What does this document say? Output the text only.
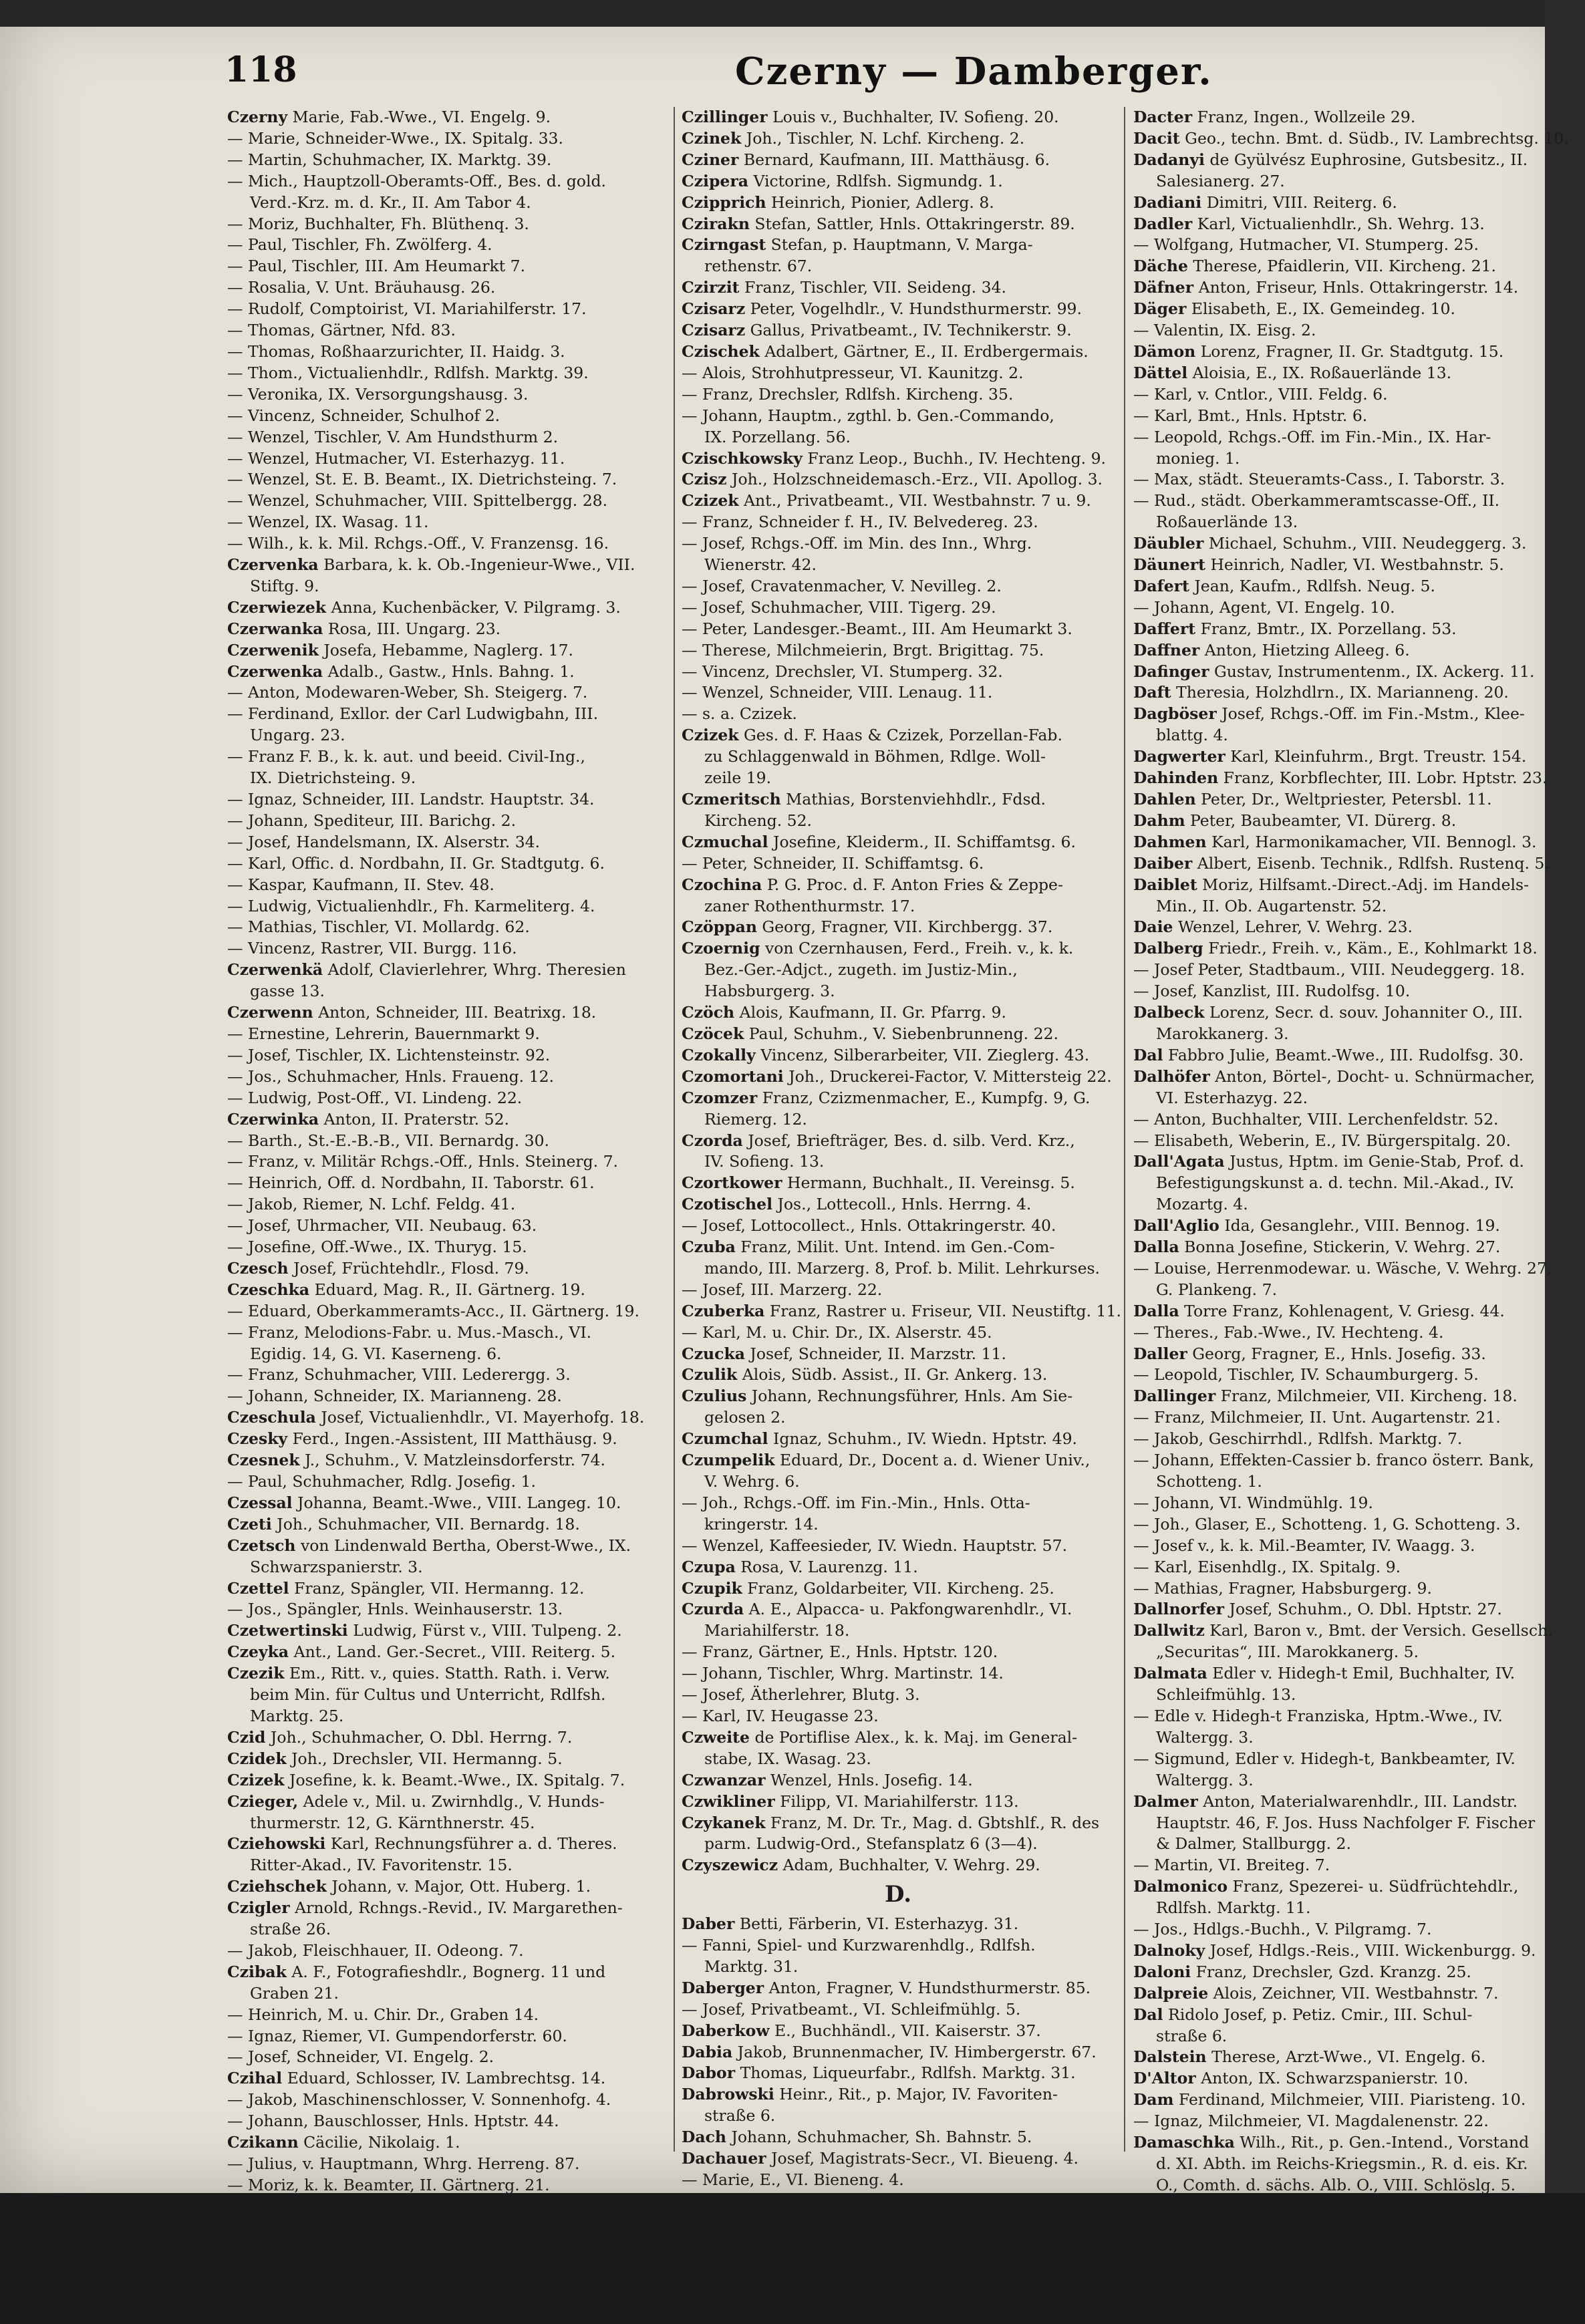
118	Czerny — Damberger.
Czerny Marie, Fab.-Wwe., VI. Engelg. 9.
— Marie, Schneider-Wwe., IX. Spitalg. 33.
— Martin, Schuhmacher, IX. Marktg. 39.
— Mich., Hauptzoll-Oberamts-Off., Bes. d. gold.
Verd.-Krz. m. d. Kr., II. Am Tabor 4.
— Moriz, Buchhalter, Fh. Blüthenq. 3.
— Paul, Tischler, Fh. Zwölferg. 4.
— Paul, Tischler, III. Am Heumarkt 7.
— Rosalia, V. Unt. Bräuhausg. 26.
— Rudolf, Comptoirist, VI. Mariahilferstr. 17.
— Thomas, Gärtner, Nfd. 83.
— Thomas, Roßhaarzurichter, II. Haidg. 3.
— Thom., Victualienhdlr., Rdlfsh. Marktg. 39.
— Veronika, IX. Versorgungshausg. 3.
— Vincenz, Schneider, Schulhof 2.
— Wenzel, Tischler, V. Am Hundsthurm 2.
— Wenzel, Hutmacher, VI. Esterhazyg. 11.
— Wenzel, St. E. B. Beamt., IX. Dietrichsteing. 7.
— Wenzel, Schuhmacher, VIII. Spittelbergg. 28.
— Wenzel, IX. Wasag. 11.
— Wilh., k. k. Mil. Rchgs.-Off., V. Franzensg. 16.
Czervenka Barbara, k. k. Ob.-Ingenieur-Wwe., VII.
Stiftg. 9.
Czerwiezek Anna, Kuchenbäcker, V. Pilgramg. 3.
Czerwanka Rosa, III. Ungarg. 23.
Czerwenik Josefa, Hebamme, Naglerg. 17.
Czerwenka Adalb., Gastw., Hnls. Bahng. 1.
— Anton, Modewaren-Weber, Sh. Steigerg. 7.
— Ferdinand, Exllor. der Carl Ludwigbahn, III.
Ungarg. 23.
— Franz F. B., k. k. aut. und beeid. Civil-Ing.,
IX. Dietrichsteing. 9.
— Ignaz, Schneider, III. Landstr. Hauptstr. 34.
— Johann, Spediteur, III. Barichg. 2.
— Josef, Handelsmann, IX. Alserstr. 34.
— Karl, Offic. d. Nordbahn, II. Gr. Stadtgutg. 6.
— Kaspar, Kaufmann, II. Stev. 48.
— Ludwig, Victualienhdlr., Fh. Karmeliterg. 4.
— Mathias, Tischler, VI. Mollardg. 62.
— Vincenz, Rastrer, VII. Burgg. 116.
Czerwenkä Adolf, Clavierlehrer, Whrg. Theresien
gasse 13.
Czerwenn Anton, Schneider, III. Beatrixg. 18.
— Ernestine, Lehrerin, Bauernmarkt 9.
— Josef, Tischler, IX. Lichtensteinstr. 92.
— Jos., Schuhmacher, Hnls. Fraueng. 12.
— Ludwig, Post-Off., VI. Lindeng. 22.
Czerwinka Anton, II. Praterstr. 52.
— Barth., St.-E.-B.-B., VII. Bernardg. 30.
— Franz, v. Militär Rchgs.-Off., Hnls. Steinerg. 7.
— Heinrich, Off. d. Nordbahn, II. Taborstr. 61.
— Jakob, Riemer, N. Lchf. Feldg. 41.
— Josef, Uhrmacher, VII. Neubaug. 63.
— Josefine, Off.-Wwe., IX. Thuryg. 15.
Czesch Josef, Früchtehdlr., Flosd. 79.
Czeschka Eduard, Mag. R., II. Gärtnerg. 19.
— Eduard, Oberkammeramts-Acc., II. Gärtnerg. 19.
— Franz, Melodions-Fabr. u. Mus.-Masch., VI.
Egidig. 14, G. VI. Kaserneng. 6.
— Franz, Schuhmacher, VIII. Lederergg. 3.
— Johann, Schneider, IX. Marianneng. 28.
Czeschula Josef, Victualienhdlr., VI. Mayerhofg. 18.
Czesky Ferd., Ingen.-Assistent, III Matthäusg. 9.
Czesnek J., Schuhm., V. Matzleinsdorferstr. 74.
— Paul, Schuhmacher, Rdlg. Josefig. 1.
Czessal Johanna, Beamt.-Wwe., VIII. Langeg. 10.
Czeti Joh., Schuhmacher, VII. Bernardg. 18.
Czetsch von Lindenwald Bertha, Oberst-Wwe., IX.
Schwarzspanierstr. 3.
Czettel Franz, Spängler, VII. Hermanng. 12.
— Jos., Spängler, Hnls. Weinhauserstr. 13.
Czetwertinski Ludwig, Fürst v., VIII. Tulpeng. 2.
Czeyka Ant., Land. Ger.-Secret., VIII. Reiterg. 5.
Czezik Em., Ritt. v., quies. Statth. Rath. i. Verw.
beim Min. für Cultus und Unterricht, Rdlfsh.
Marktg. 25.
Czid Joh., Schuhmacher, O. Dbl. Herrng. 7.
Czidek Joh., Drechsler, VII. Hermanng. 5.
Czizek Josefine, k. k. Beamt.-Wwe., IX. Spitalg. 7.
Czieger, Adele v., Mil. u. Zwirnhdlg., V. Hunds-
thurmerstr. 12, G. Kärnthnerstr. 45.
Cziehowski Karl, Rechnungsführer a. d. Theres.
Ritter-Akad., IV. Favoritenstr. 15.
Cziehschek Johann, v. Major, Ott. Huberg. 1.
Czigler Arnold, Rchngs.-Revid., IV. Margarethen-
straße 26.
— Jakob, Fleischhauer, II. Odeong. 7.
Czibak A. F., Fotografieshdlr., Bognerg. 11 und
Graben 21.
— Heinrich, M. u. Chir. Dr., Graben 14.
— Ignaz, Riemer, VI. Gumpendorferstr. 60.
— Josef, Schneider, VI. Engelg. 2.
Czihal Eduard, Schlosser, IV. Lambrechtsg. 14.
— Jakob, Maschinenschlosser, V. Sonnenhofg. 4.
— Johann, Bauschlosser, Hnls. Hptstr. 44.
Czikann Cäcilie, Nikolaig. 1.
— Julius, v. Hauptmann, Whrg. Herreng. 87.
— Moriz, k. k. Beamter, II. Gärtnerg. 21.
— Theodor, k. k. Rchgs.-Off., II. Marzerg. 11.
Czikenek Franziska, Bürstenm., III. Landstr. Hptstr. 59.
Czilchert Robert, Buchhalter, VII. Kaserneng. 14.
Czillak Herm., Orch. Mitgl. d. Hofoperntheaters,
III. Landstr. Hauptstr. 63.
Czillich Frz., p. k. k. Cntlor., IV. Kettenbrückeng. 10.
Czillinger Louis v., Buchhalter, IV. Sofieng. 20.
Czinek Joh., Tischler, N. Lchf. Kircheng. 2.
Cziner Bernard, Kaufmann, III. Matthäusg. 6.
Czipera Victorine, Rdlfsh. Sigmundg. 1.
Czipprich Heinrich, Pionier, Adlerg. 8.
Czirakn Stefan, Sattler, Hnls. Ottakringerstr. 89.
Czirngast Stefan, p. Hauptmann, V. Marga-
rethenstr. 67.
Czirzit Franz, Tischler, VII. Seideng. 34.
Czisarz Peter, Vogelhdlr., V. Hundsthurmerstr. 99.
Czisarz Gallus, Privatbeamt., IV. Technikerstr. 9.
Czischek Adalbert, Gärtner, E., II. Erdbergermais.
— Alois, Strohhutpresseur, VI. Kaunitzg. 2.
— Franz, Drechsler, Rdlfsh. Kircheng. 35.
— Johann, Hauptm., zgthl. b. Gen.-Commando,
IX. Porzellang. 56.
Czischkowsky Franz Leop., Buchh., IV. Hechteng. 9.
Czisz Joh., Holzschneidemasch.-Erz., VII. Apollog. 3.
Czizek Ant., Privatbeamt., VII. Westbahnstr. 7 u. 9.
— Franz, Schneider f. H., IV. Belvedereg. 23.
— Josef, Rchgs.-Off. im Min. des Inn., Whrg.
Wienerstr. 42.
— Josef, Cravatenmacher, V. Nevilleg. 2.
— Josef, Schuhmacher, VIII. Tigerg. 29.
— Peter, Landesger.-Beamt., III. Am Heumarkt 3.
— Therese, Milchmeierin, Brgt. Brigittag. 75.
— Vincenz, Drechsler, VI. Stumperg. 32.
— Wenzel, Schneider, VIII. Lenaug. 11.
— s. a. Czizek.
Czizek Ges. d. F. Haas & Czizek, Porzellan-Fab.
zu Schlaggenwald in Böhmen, Rdlge. Woll-
zeile 19.
Czmeritsch Mathias, Borstenviehhdlr., Fdsd.
Kircheng. 52.
Czmuchal Josefine, Kleiderm., II. Schiffamtsg. 6.
— Peter, Schneider, II. Schiffamtsg. 6.
Czochina P. G. Proc. d. F. Anton Fries & Zeppe-
zaner Rothenthurmstr. 17.
Czöppan Georg, Fragner, VII. Kirchbergg. 37.
Czoernig von Czernhausen, Ferd., Freih. v., k. k.
Bez.-Ger.-Adjct., zugeth. im Justiz-Min.,
Habsburgerg. 3.
Czöch Alois, Kaufmann, II. Gr. Pfarrg. 9.
Czöcek Paul, Schuhm., V. Siebenbrunneng. 22.
Czokally Vincenz, Silberarbeiter, VII. Zieglerg. 43.
Czomortani Joh., Druckerei-Factor, V. Mittersteig 22.
Czomzer Franz, Czizmenmacher, E., Kumpfg. 9, G.
Riemerg. 12.
Czorda Josef, Briefträger, Bes. d. silb. Verd. Krz.,
IV. Sofieng. 13.
Czortkower Hermann, Buchhalt., II. Vereinsg. 5.
Czotischel Jos., Lottecoll., Hnls. Herrng. 4.
— Josef, Lottocollect., Hnls. Ottakringerstr. 40.
Czuba Franz, Milit. Unt. Intend. im Gen.-Com-
mando, III. Marzerg. 8, Prof. b. Milit. Lehrkurses.
— Josef, III. Marzerg. 22.
Czuberka Franz, Rastrer u. Friseur, VII. Neustiftg. 11.
— Karl, M. u. Chir. Dr., IX. Alserstr. 45.
Czucka Josef, Schneider, II. Marzstr. 11.
Czulik Alois, Südb. Assist., II. Gr. Ankerg. 13.
Czulius Johann, Rechnungsführer, Hnls. Am Sie-
gelosen 2.
Czumchal Ignaz, Schuhm., IV. Wiedn. Hptstr. 49.
Czumpelik Eduard, Dr., Docent a. d. Wiener Univ.,
V. Wehrg. 6.
— Joh., Rchgs.-Off. im Fin.-Min., Hnls. Otta-
kringerstr. 14.
— Wenzel, Kaffeesieder, IV. Wiedn. Hauptstr. 57.
Czupa Rosa, V. Laurenzg. 11.
Czupik Franz, Goldarbeiter, VII. Kircheng. 25.
Czurda A. E., Alpacca- u. Pakfongwarenhdlr., VI.
Mariahilferstr. 18.
— Franz, Gärtner, E., Hnls. Hptstr. 120.
— Johann, Tischler, Whrg. Martinstr. 14.
— Josef, Ätherlehrer, Blutg. 3.
— Karl, IV. Heugasse 23.
Czweite de Portiflise Alex., k. k. Maj. im General-
stabe, IX. Wasag. 23.
Czwanzar Wenzel, Hnls. Josefig. 14.
Czwikliner Filipp, VI. Mariahilferstr. 113.
Czykanek Franz, M. Dr. Tr., Mag. d. Gbtshlf., R. des
parm. Ludwig-Ord., Stefansplatz 6 (3—4).
Czyszewicz Adam, Buchhalter, V. Wehrg. 29.
D.
Daber Betti, Färberin, VI. Esterhazyg. 31.
— Fanni, Spiel- und Kurzwarenhdlg., Rdlfsh.
Marktg. 31.
Daberger Anton, Fragner, V. Hundsthurmerstr. 85.
— Josef, Privatbeamt., VI. Schleifmühlg. 5.
Daberkow E., Buchhändl., VII. Kaiserstr. 37.
Dabia Jakob, Brunnenmacher, IV. Himbergerstr. 67.
Dabor Thomas, Liqueurfabr., Rdlfsh. Marktg. 31.
Dabrowski Heinr., Rit., p. Major, IV. Favoriten-
straße 6.
Dach Johann, Schuhmacher, Sh. Bahnstr. 5.
Dachauer Josef, Magistrats-Secr., VI. Bieueng. 4.
— Marie, E., VI. Bieneng. 4.
Dachler Franziska, III. Apostelg. 25.
— Georg, IV. Rainerg. 6.
Dachs Anna, Carton-Arb., IX. Harmonieg. 2.
— Josef, Tonkünstler, Prof. am Conservator., Bes.
des gold. Verd. Krz. m. d. Kr., Kärnthnerring 5.
Dacter Franz, Ingen., Wollzeile 29.
Dacit Geo., techn. Bmt. d. Südb., IV. Lambrechtsg. 10.
Dadanyi de Gyülvész Euphrosine, Gutsbesitz., II.
Salesianerg. 27.
Dadiani Dimitri, VIII. Reiterg. 6.
Dadler Karl, Victualienhdlr., Sh. Wehrg. 13.
— Wolfgang, Hutmacher, VI. Stumperg. 25.
Däche Therese, Pfaidlerin, VII. Kircheng. 21.
Däfner Anton, Friseur, Hnls. Ottakringerstr. 14.
Däger Elisabeth, E., IX. Gemeindeg. 10.
— Valentin, IX. Eisg. 2.
Dämon Lorenz, Fragner, II. Gr. Stadtgutg. 15.
Dättel Aloisia, E., IX. Roßauerlände 13.
— Karl, v. Cntlor., VIII. Feldg. 6.
— Karl, Bmt., Hnls. Hptstr. 6.
— Leopold, Rchgs.-Off. im Fin.-Min., IX. Har-
monieg. 1.
— Max, städt. Steueramts-Cass., I. Taborstr. 3.
— Rud., städt. Oberkammeramtscasse-Off., II.
Roßauerlände 13.
Däubler Michael, Schuhm., VIII. Neudeggerg. 3.
Däunert Heinrich, Nadler, VI. Westbahnstr. 5.
Dafert Jean, Kaufm., Rdlfsh. Neug. 5.
— Johann, Agent, VI. Engelg. 10.
Daffert Franz, Bmtr., IX. Porzellang. 53.
Daffner Anton, Hietzing Alleeg. 6.
Dafinger Gustav, Instrumentenm., IX. Ackerg. 11.
Daft Theresia, Holzhdlrn., IX. Marianneng. 20.
Dagböser Josef, Rchgs.-Off. im Fin.-Mstm., Klee-
blattg. 4.
Dagwerter Karl, Kleinfuhrm., Brgt. Treustr. 154.
Dahinden Franz, Korbflechter, III. Lobr. Hptstr. 23.
Dahlen Peter, Dr., Weltpriester, Petersbl. 11.
Dahm Peter, Baubeamter, VI. Dürerg. 8.
Dahmen Karl, Harmonikamacher, VII. Bennogl. 3.
Daiber Albert, Eisenb. Technik., Rdlfsh. Rustenq. 5.
Daiblet Moriz, Hilfsamt.-Direct.-Adj. im Handels-
Min., II. Ob. Augartenstr. 52.
Daie Wenzel, Lehrer, V. Wehrg. 23.
Dalberg Friedr., Freih. v., Käm., E., Kohlmarkt 18.
— Josef Peter, Stadtbaum., VIII. Neudeggerg. 18.
— Josef, Kanzlist, III. Rudolfsg. 10.
Dalbeck Lorenz, Secr. d. souv. Johanniter O., III.
Marokkanerg. 3.
Dal Fabbro Julie, Beamt.-Wwe., III. Rudolfsg. 30.
Dalhöfer Anton, Börtel-, Docht- u. Schnürmacher,
VI. Esterhazyg. 22.
— Anton, Buchhalter, VIII. Lerchenfeldstr. 52.
— Elisabeth, Weberin, E., IV. Bürgerspitalg. 20.
Dall'Agata Justus, Hptm. im Genie-Stab, Prof. d.
Befestigungskunst a. d. techn. Mil.-Akad., IV.
Mozartg. 4.
Dall'Aglio Ida, Gesanglehr., VIII. Bennog. 19.
Dalla Bonna Josefine, Stickerin, V. Wehrg. 27.
— Louise, Herrenmodewar. u. Wäsche, V. Wehrg. 27,
G. Plankeng. 7.
Dalla Torre Franz, Kohlenagent, V. Griesg. 44.
— Theres., Fab.-Wwe., IV. Hechteng. 4.
Daller Georg, Fragner, E., Hnls. Josefig. 33.
— Leopold, Tischler, IV. Schaumburgerg. 5.
Dallinger Franz, Milchmeier, VII. Kircheng. 18.
— Franz, Milchmeier, II. Unt. Augartenstr. 21.
— Jakob, Geschirrhdl., Rdlfsh. Marktg. 7.
— Johann, Effekten-Cassier b. franco österr. Bank,
Schotteng. 1.
— Johann, VI. Windmühlg. 19.
— Joh., Glaser, E., Schotteng. 1, G. Schotteng. 3.
— Josef v., k. k. Mil.-Beamter, IV. Waagg. 3.
— Karl, Eisenhdlg., IX. Spitalg. 9.
— Mathias, Fragner, Habsburgerg. 9.
Dallnorfer Josef, Schuhm., O. Dbl. Hptstr. 27.
Dallwitz Karl, Baron v., Bmt. der Versich. Gesellsch.
„Securitas“, III. Marokkanerg. 5.
Dalmata Edler v. Hidegh-t Emil, Buchhalter, IV.
Schleifmühlg. 13.
— Edle v. Hidegh-t Franziska, Hptm.-Wwe., IV.
Waltergg. 3.
— Sigmund, Edler v. Hidegh-t, Bankbeamter, IV.
Waltergg. 3.
Dalmer Anton, Materialwarenhdlr., III. Landstr.
Hauptstr. 46, F. Jos. Huss Nachfolger F. Fischer
& Dalmer, Stallburgg. 2.
— Martin, VI. Breiteg. 7.
Dalmonico Franz, Spezerei- u. Südfrüchtehdlr.,
Rdlfsh. Marktg. 11.
— Jos., Hdlgs.-Buchh., V. Pilgramg. 7.
Dalnoky Josef, Hdlgs.-Reis., VIII. Wickenburgg. 9.
Daloni Franz, Drechsler, Gzd. Kranzg. 25.
Dalpreie Alois, Zeichner, VII. Westbahnstr. 7.
Dal Ridolo Josef, p. Petiz. Cmir., III. Schul-
straße 6.
Dalstein Therese, Arzt-Wwe., VI. Engelg. 6.
D'Altor Anton, IX. Schwarzspanierstr. 10.
Dam Ferdinand, Milchmeier, VIII. Piaristeng. 10.
— Ignaz, Milchmeier, VI. Magdalenenstr. 22.
Damaschka Wilh., Rit., p. Gen.-Intend., Vorstand
d. XI. Abth. im Reichs-Kriegsmin., R. d. eis. Kr.
O., Comth. d. sächs. Alb. O., VIII. Schlöslg. 5.
Damast Adolf, IX. Schlickg. 3.
Dambacher Joh., Futteralmacher, VI. Sandwirth-
gasse 14.
— Josef, V. Franzensg. 9.
Dambauer Jakob, II. Ob. Donaustr. 95.
Damberger, Georg, Gürtler, VII. Kaiserstr. 41.
